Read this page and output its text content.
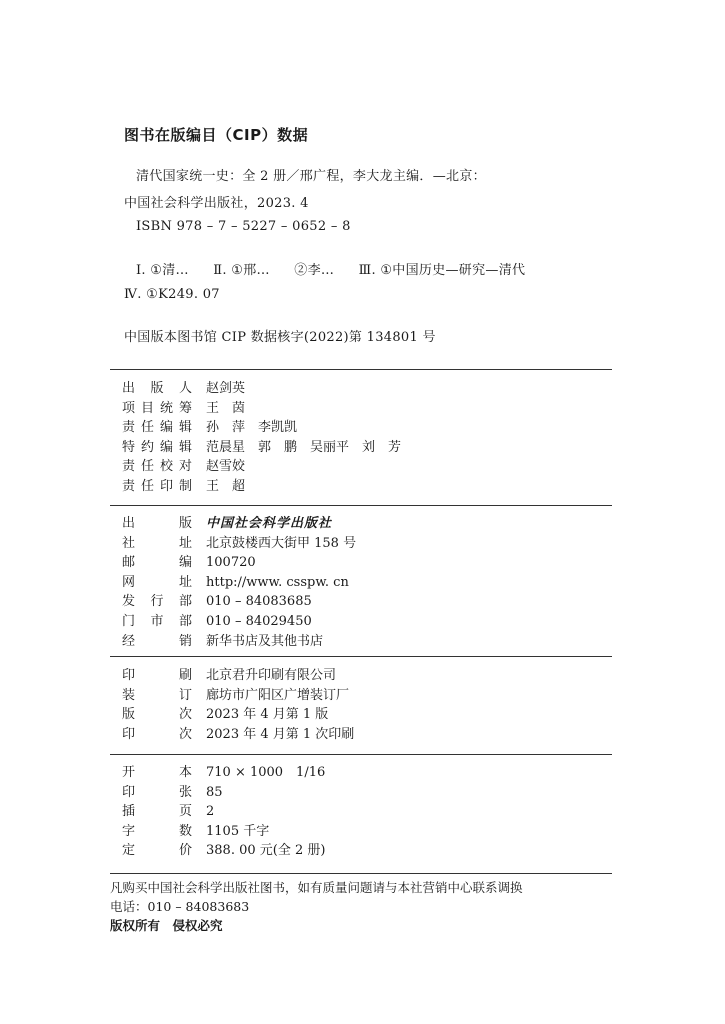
图书在版编目（CIP）数据
清代国家统一史：全 2 册／邢广程，李大龙主编．—北京：
中国社会科学出版社，2023. 4
ISBN 978 – 7 – 5227 – 0652 – 8
Ⅰ. ①清… Ⅱ. ①邢… ②李… Ⅲ. ①中国历史—研究—清代
Ⅳ. ①K249. 07
中国版本图书馆 CIP 数据核字(2022)第 134801 号
出 版 人 赵剑英
项目统筹 王　茵
责任编辑 孙　萍　李凯凯
特约编辑 范晨星　郭　鹏　吴丽平　刘　芳
责任校对 赵雪姣
责任印制 王　超
出版 中国社会科学出版社
社址 北京鼓楼西大街甲 158 号
邮编 100720
网址 http://www. csspw. cn
发行部 010 – 84083685
门市部 010 – 84029450
经销 新华书店及其他书店
印刷 北京君升印刷有限公司
装订 廊坊市广阳区广增装订厂
版次 2023 年 4 月第 1 版
印次 2023 年 4 月第 1 次印刷
开本 710 × 1000　1/16
印张 85
插页 2
字数 1105 千字
定价 388. 00 元(全 2 册)
凡购买中国社会科学出版社图书，如有质量问题请与本社营销中心联系调换
电话：010 – 84083683
版权所有　侵权必究
